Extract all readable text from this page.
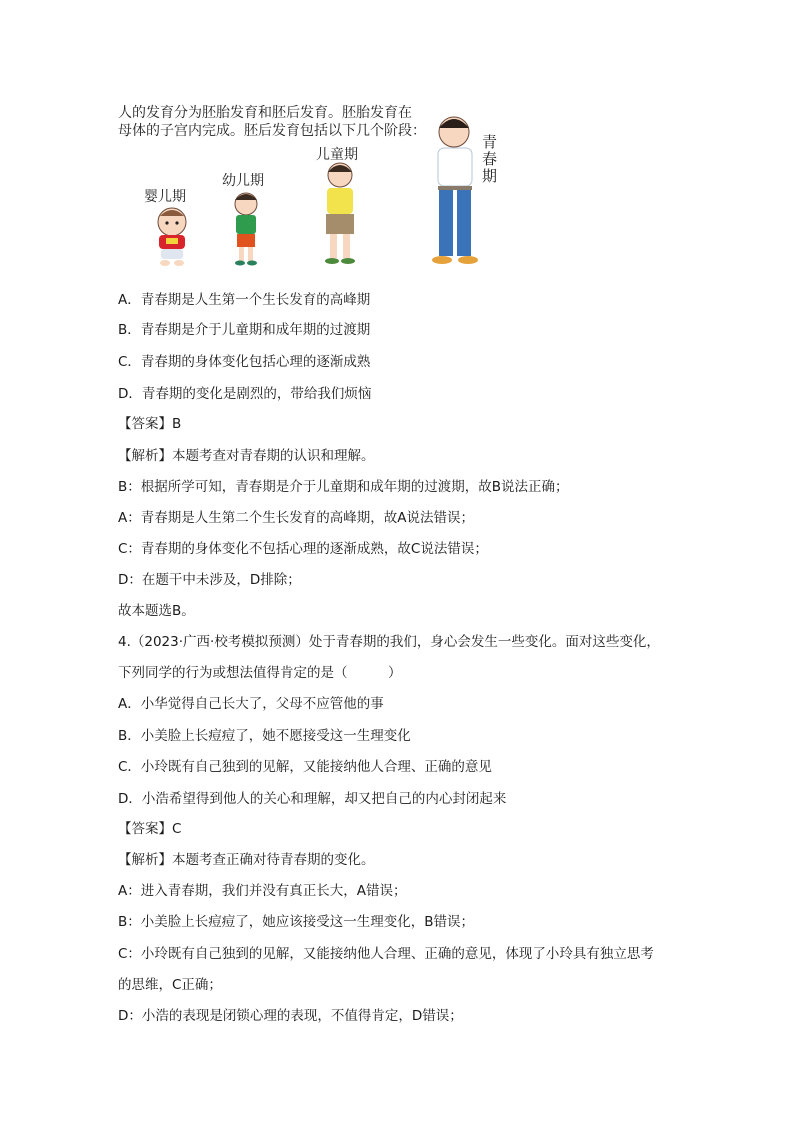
人的发育分为胚胎发育和胚后发育。胚胎发育在
母体的子宫内完成。胚后发育包括以下几个阶段：
婴儿期
幼儿期
儿童期
青春期
A．青春期是人生第一个生长发育的高峰期
B．青春期是介于儿童期和成年期的过渡期
C．青春期的身体变化包括心理的逐渐成熟
D．青春期的变化是剧烈的，带给我们烦恼
【答案】B
【解析】本题考查对青春期的认识和理解。
B：根据所学可知，青春期是介于儿童期和成年期的过渡期，故B说法正确；
A：青春期是人生第二个生长发育的高峰期，故A说法错误；
C：青春期的身体变化不包括心理的逐渐成熟，故C说法错误；
D：在题干中未涉及，D排除；
故本题选B。
4.（2023·广西·校考模拟预测）处于青春期的我们，身心会发生一些变化。面对这些变化，
下列同学的行为或想法值得肯定的是（　　　）
A．小华觉得自己长大了，父母不应管他的事
B．小美脸上长痘痘了，她不愿接受这一生理变化
C．小玲既有自己独到的见解，又能接纳他人合理、正确的意见
D．小浩希望得到他人的关心和理解，却又把自己的内心封闭起来
【答案】C
【解析】本题考查正确对待青春期的变化。
A：进入青春期，我们并没有真正长大，A错误；
B：小美脸上长痘痘了，她应该接受这一生理变化，B错误；
C：小玲既有自己独到的见解，又能接纳他人合理、正确的意见，体现了小玲具有独立思考
的思维，C正确；
D：小浩的表现是闭锁心理的表现，不值得肯定，D错误；
